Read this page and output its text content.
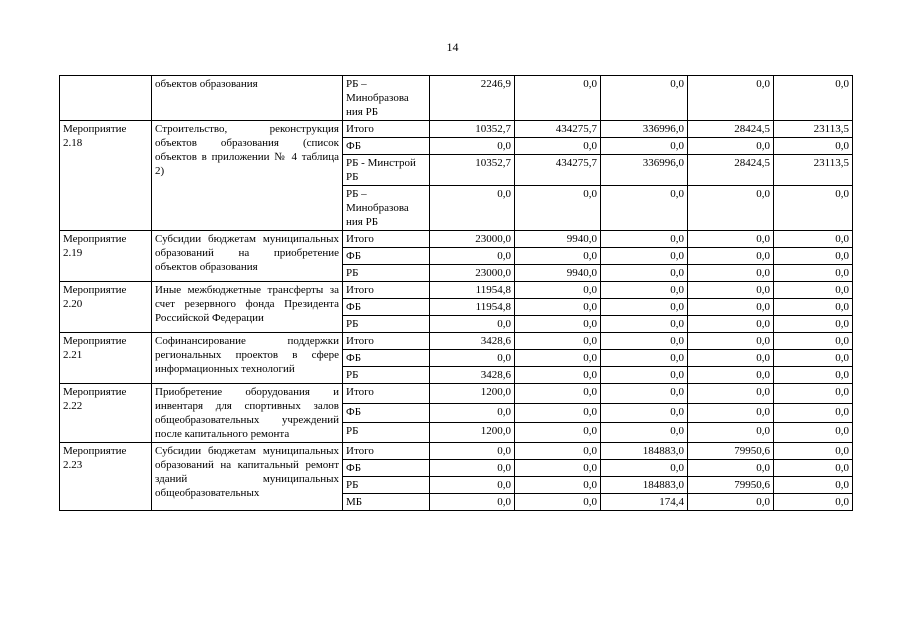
14
	объектов образования	РБ – Минобразова ния РБ	2246,9	0,0	0,0	0,0	0,0
Мероприятие 2.18	Строительство, реконструкция объектов образования (список объектов в приложении № 4 таблица 2)	Итого	10352,7	434275,7	336996,0	28424,5	23113,5
		ФБ	0,0	0,0	0,0	0,0	0,0
		РБ - Минстрой РБ	10352,7	434275,7	336996,0	28424,5	23113,5
		РБ – Минобразова ния РБ	0,0	0,0	0,0	0,0	0,0
Мероприятие 2.19	Субсидии бюджетам муниципальных образований на приобретение объектов образования	Итого	23000,0	9940,0	0,0	0,0	0,0
		ФБ	0,0	0,0	0,0	0,0	0,0
		РБ	23000,0	9940,0	0,0	0,0	0,0
Мероприятие 2.20	Иные межбюджетные трансферты за счет резервного фонда Президента Российской Федерации	Итого	11954,8	0,0	0,0	0,0	0,0
		ФБ	11954,8	0,0	0,0	0,0	0,0
		РБ	0,0	0,0	0,0	0,0	0,0
Мероприятие 2.21	Софинансирование поддержки региональных проектов в сфере информационных технологий	Итого	3428,6	0,0	0,0	0,0	0,0
		ФБ	0,0	0,0	0,0	0,0	0,0
		РБ	3428,6	0,0	0,0	0,0	0,0
Мероприятие 2.22	Приобретение оборудования и инвентаря для спортивных залов общеобразовательных учреждений после капитального ремонта	Итого	1200,0	0,0	0,0	0,0	0,0
		ФБ	0,0	0,0	0,0	0,0	0,0
		РБ	1200,0	0,0	0,0	0,0	0,0
Мероприятие 2.23	Субсидии бюджетам муниципальных образований на капитальный ремонт зданий муниципальных общеобразовательных	Итого	0,0	0,0	184883,0	79950,6	0,0
		ФБ	0,0	0,0	0,0	0,0	0,0
		РБ	0,0	0,0	184883,0	79950,6	0,0
		МБ	0,0	0,0	174,4	0,0	0,0
